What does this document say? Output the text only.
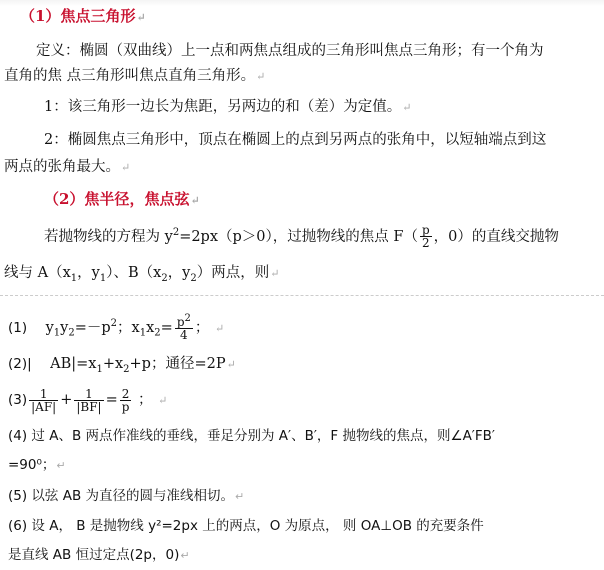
（1）焦点三角形↵
定义：椭圆（双曲线）上一点和两焦点组成的三角形叫焦点三角形；有一个角为
直角的焦 点三角形叫焦点直角三角形。↵
1：该三角形一边长为焦距，另两边的和（差）为定值。↵
2：椭圆焦点三角形中，顶点在椭圆上的点到另两点的张角中，以短轴端点到这
两点的张角最大。↵
（2）焦半径，焦点弦↵
若抛物线的方程为 $y^2=2px(p>0)$，过抛物线的焦点 $F( \frac{p}{2}$ ，0）的直线交抛物
线与 $A(x_1$，$y_1$）、$B(x_2$，$y_2$）两点，则↵
(1) $y_1y_2=-p^2$；$x_1x_2= \frac{p^2}{4}$ ； ↵
(2)| $AB|=x_1+x_2+p$；通径=2P↵
$(3) \frac{1}{|AF|} + \frac{1}{|BF|} = \frac{2}{p}$ ； ↵
(4) 过 A、B 两点作准线的垂线，垂足分别为 A′、B′，F 抛物线的焦点，则∠A′FB′
=90⁰；↵
(5) 以弦 AB 为直径的圆与准线相切。↵
(6) 设 A， B 是抛物线 y²=2px 上的两点，O 为原点， 则 OA⊥OB 的充要条件
是直线 AB 恒过定点(2p，0)↵
